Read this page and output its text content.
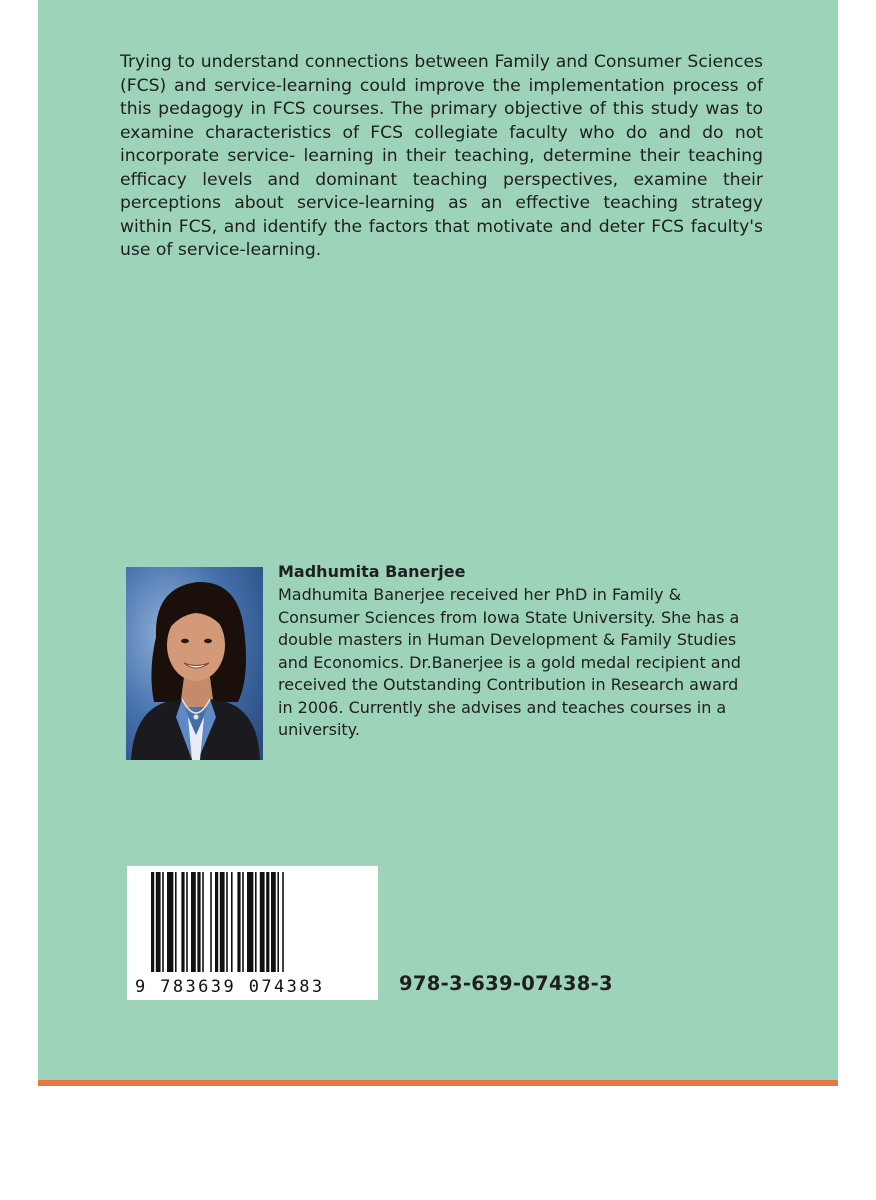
Trying to understand connections between Family and Consumer Sciences (FCS) and service-learning could improve the implementation process of this pedagogy in FCS courses. The primary objective of this study was to examine characteristics of FCS collegiate faculty who do and do not incorporate service- learning in their teaching, determine their teaching efficacy levels and dominant teaching perspectives, examine their perceptions about service-learning as an effective teaching strategy within FCS, and identify the factors that motivate and deter FCS faculty's use of service-learning.

Madhumita Banerjee

Madhumita Banerjee received her PhD in Family & Consumer Sciences from Iowa State University. She has a double masters in Human Development & Family Studies and Economics. Dr.Banerjee is a gold medal recipient and received the Outstanding Contribution in Research award in 2006. Currently she advises and teaches courses in a university.

9 783639 074383	978-3-639-07438-3
